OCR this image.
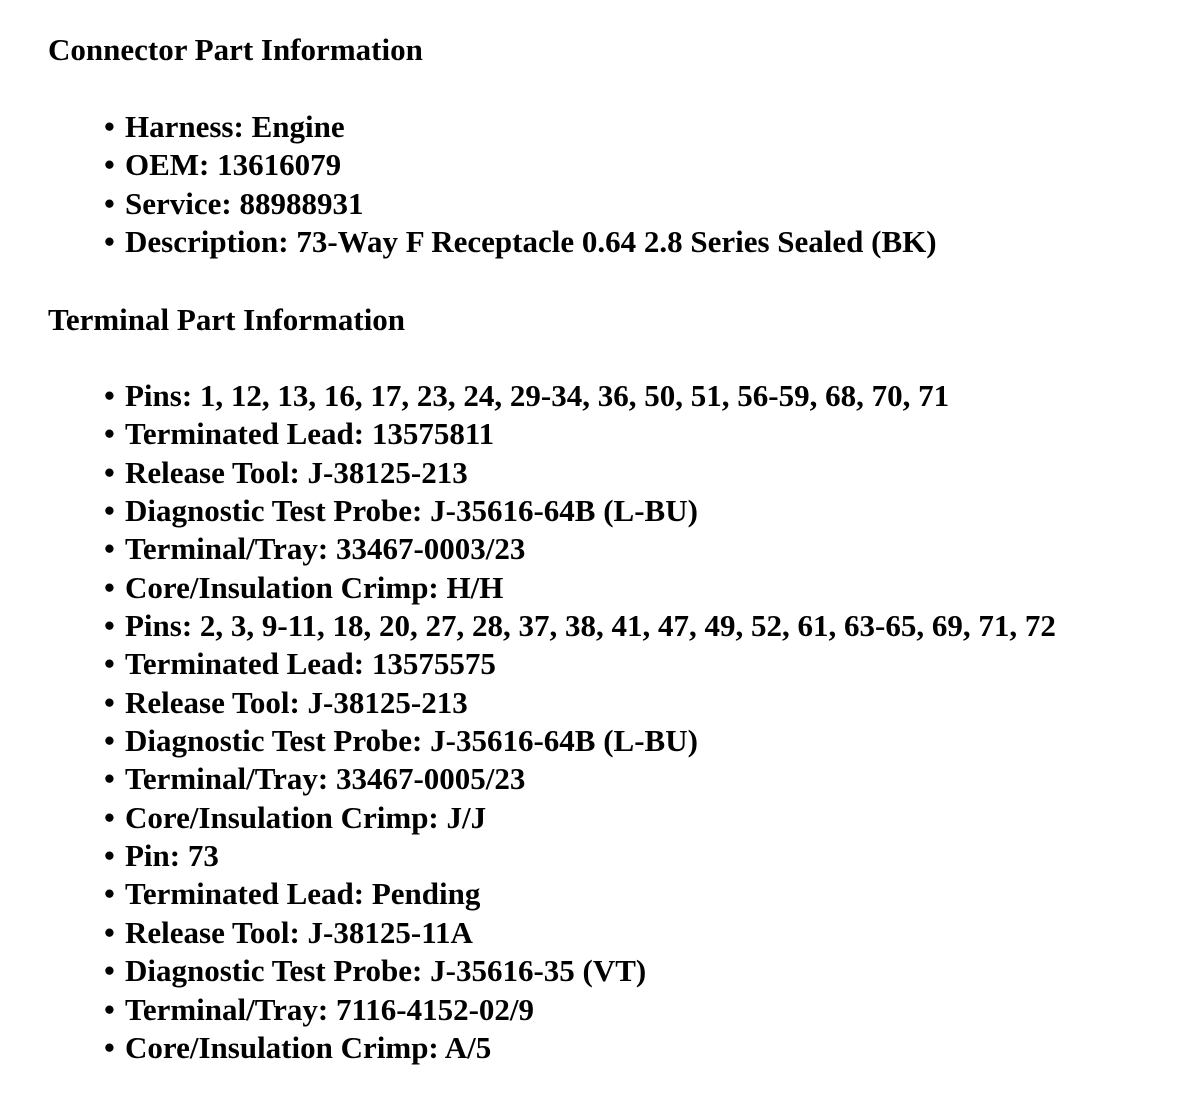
Connector Part Information
• Harness: Engine
• OEM: 13616079
• Service: 88988931
• Description: 73-Way F Receptacle 0.64 2.8 Series Sealed (BK)
Terminal Part Information
• Pins: 1, 12, 13, 16, 17, 23, 24, 29-34, 36, 50, 51, 56-59, 68, 70, 71
• Terminated Lead: 13575811
• Release Tool: J-38125-213
• Diagnostic Test Probe: J-35616-64B (L-BU)
• Terminal/Tray: 33467-0003/23
• Core/Insulation Crimp: H/H
• Pins: 2, 3, 9-11, 18, 20, 27, 28, 37, 38, 41, 47, 49, 52, 61, 63-65, 69, 71, 72
• Terminated Lead: 13575575
• Release Tool: J-38125-213
• Diagnostic Test Probe: J-35616-64B (L-BU)
• Terminal/Tray: 33467-0005/23
• Core/Insulation Crimp: J/J
• Pin: 73
• Terminated Lead: Pending
• Release Tool: J-38125-11A
• Diagnostic Test Probe: J-35616-35 (VT)
• Terminal/Tray: 7116-4152-02/9
• Core/Insulation Crimp: A/5
